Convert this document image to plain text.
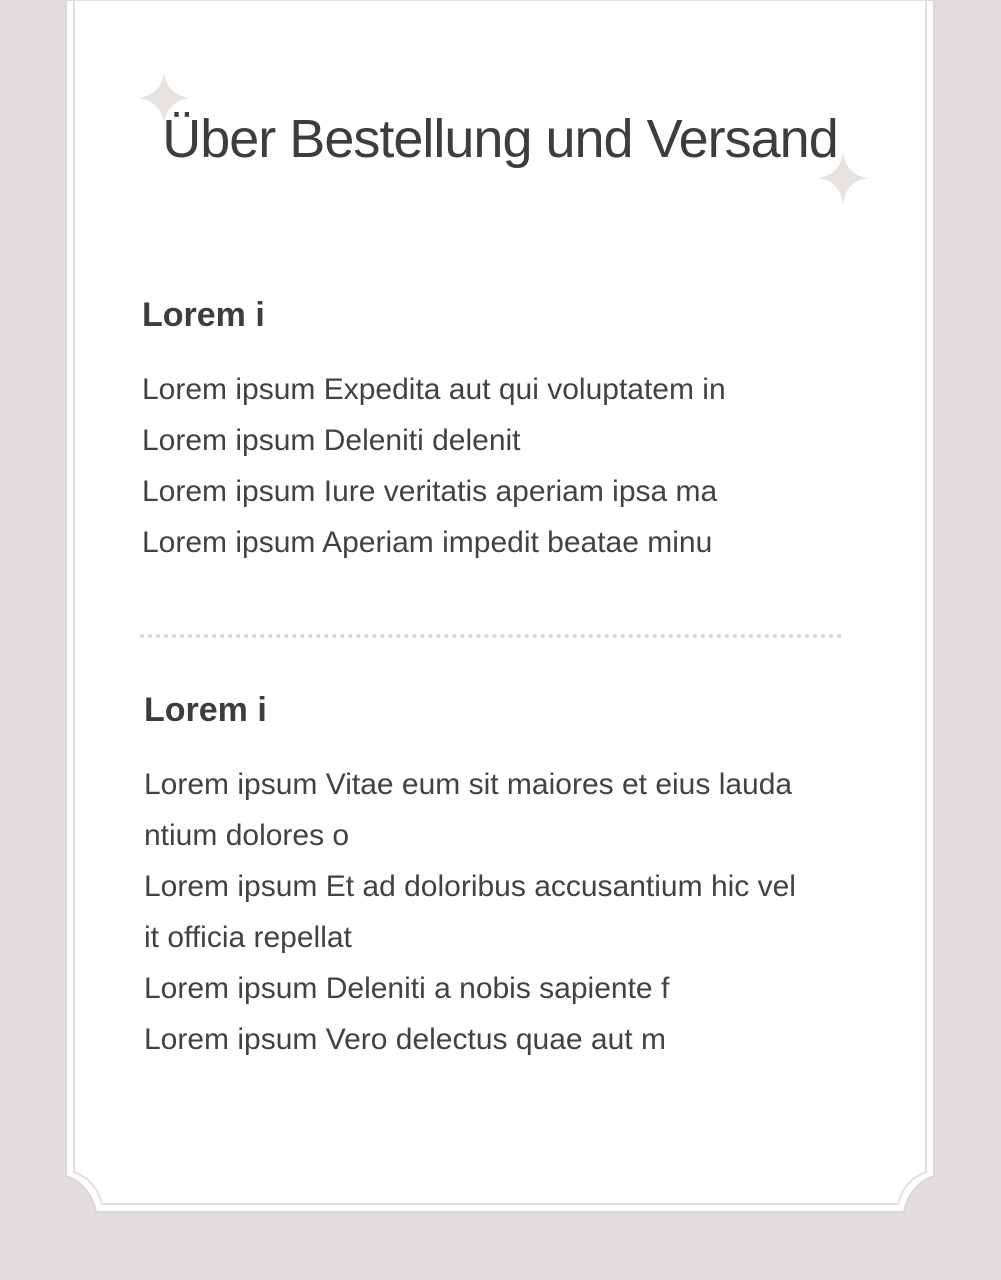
Über Bestellung und Versand
Lorem i
Lorem ipsum Expedita aut qui voluptatem in
Lorem ipsum Deleniti delenit
Lorem ipsum Iure veritatis aperiam ipsa ma
Lorem ipsum Aperiam impedit beatae minu
Lorem i
Lorem ipsum Vitae eum sit maiores et eius lauda
ntium dolores o
Lorem ipsum Et ad doloribus accusantium hic vel
it officia repellat
Lorem ipsum Deleniti a nobis sapiente f
Lorem ipsum Vero delectus quae aut m
